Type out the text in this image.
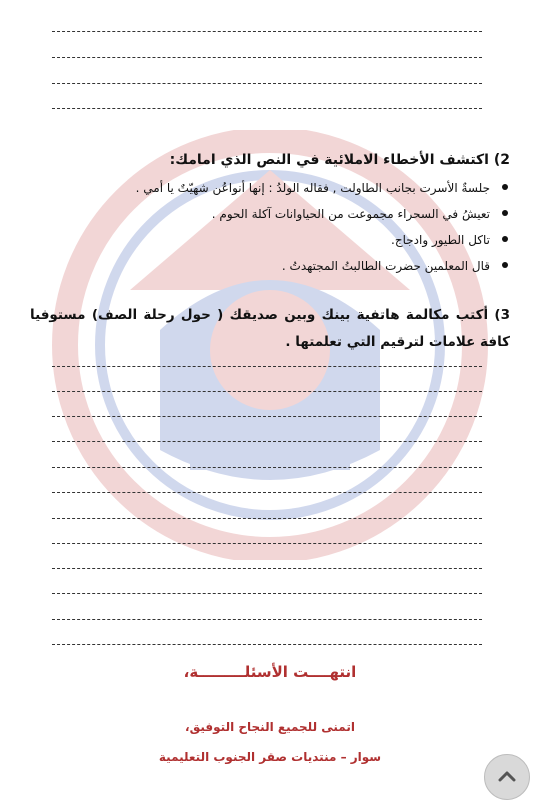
2) اكتشف الأخطاء الاملائية في النص الذي امامك:
جلسةٌ الأسرت بجانب الطاولت , فقاله الولدُ : إنها أنواعُن شهيّتٌ يا أمي .
تعيشُ في السحراء مجموعت من الحياوانات آكلة الحوم .
تاكل الطيور وادجاج.
قال المعلمين حضرت الطالبتُ المجتهدتُ .
3) أكتب مكالمة هاتفية بينك وبين صديقك ( حول رحلة الصف) مستوفيا كافة علامات لترقيم التي تعلمتها .
انتهــــت الأسئلـــــــــة،
اتمنى للجميع النجاح التوفيق،
سوار – منتديات صقر الجنوب التعليمية
